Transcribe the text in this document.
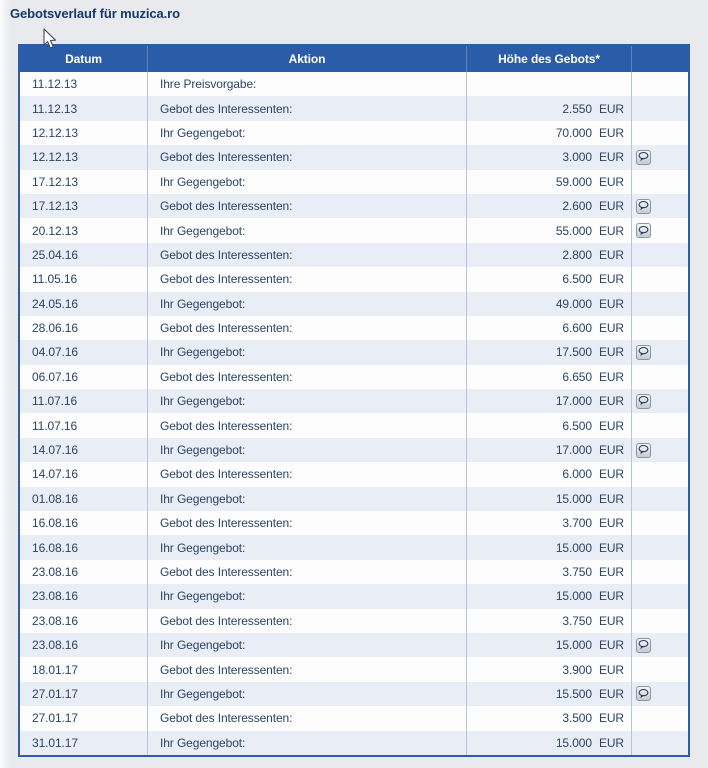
Gebotsverlauf für muzica.ro
Datum	Aktion	Höhe des Gebots*
11.12.13	Ihre Preisvorgabe:
11.12.13	Gebot des Interessenten:	2.550 EUR
12.12.13	Ihr Gegengebot:	70.000 EUR
12.12.13	Gebot des Interessenten:	3.000 EUR
17.12.13	Ihr Gegengebot:	59.000 EUR
17.12.13	Gebot des Interessenten:	2.600 EUR
20.12.13	Ihr Gegengebot:	55.000 EUR
25.04.16	Gebot des Interessenten:	2.800 EUR
11.05.16	Gebot des Interessenten:	6.500 EUR
24.05.16	Ihr Gegengebot:	49.000 EUR
28.06.16	Gebot des Interessenten:	6.600 EUR
04.07.16	Ihr Gegengebot:	17.500 EUR
06.07.16	Gebot des Interessenten:	6.650 EUR
11.07.16	Ihr Gegengebot:	17.000 EUR
11.07.16	Gebot des Interessenten:	6.500 EUR
14.07.16	Ihr Gegengebot:	17.000 EUR
14.07.16	Gebot des Interessenten:	6.000 EUR
01.08.16	Ihr Gegengebot:	15.000 EUR
16.08.16	Gebot des Interessenten:	3.700 EUR
16.08.16	Ihr Gegengebot:	15.000 EUR
23.08.16	Gebot des Interessenten:	3.750 EUR
23.08.16	Ihr Gegengebot:	15.000 EUR
23.08.16	Gebot des Interessenten:	3.750 EUR
23.08.16	Ihr Gegengebot:	15.000 EUR
18.01.17	Gebot des Interessenten:	3.900 EUR
27.01.17	Ihr Gegengebot:	15.500 EUR
27.01.17	Gebot des Interessenten:	3.500 EUR
31.01.17	Ihr Gegengebot:	15.000 EUR
